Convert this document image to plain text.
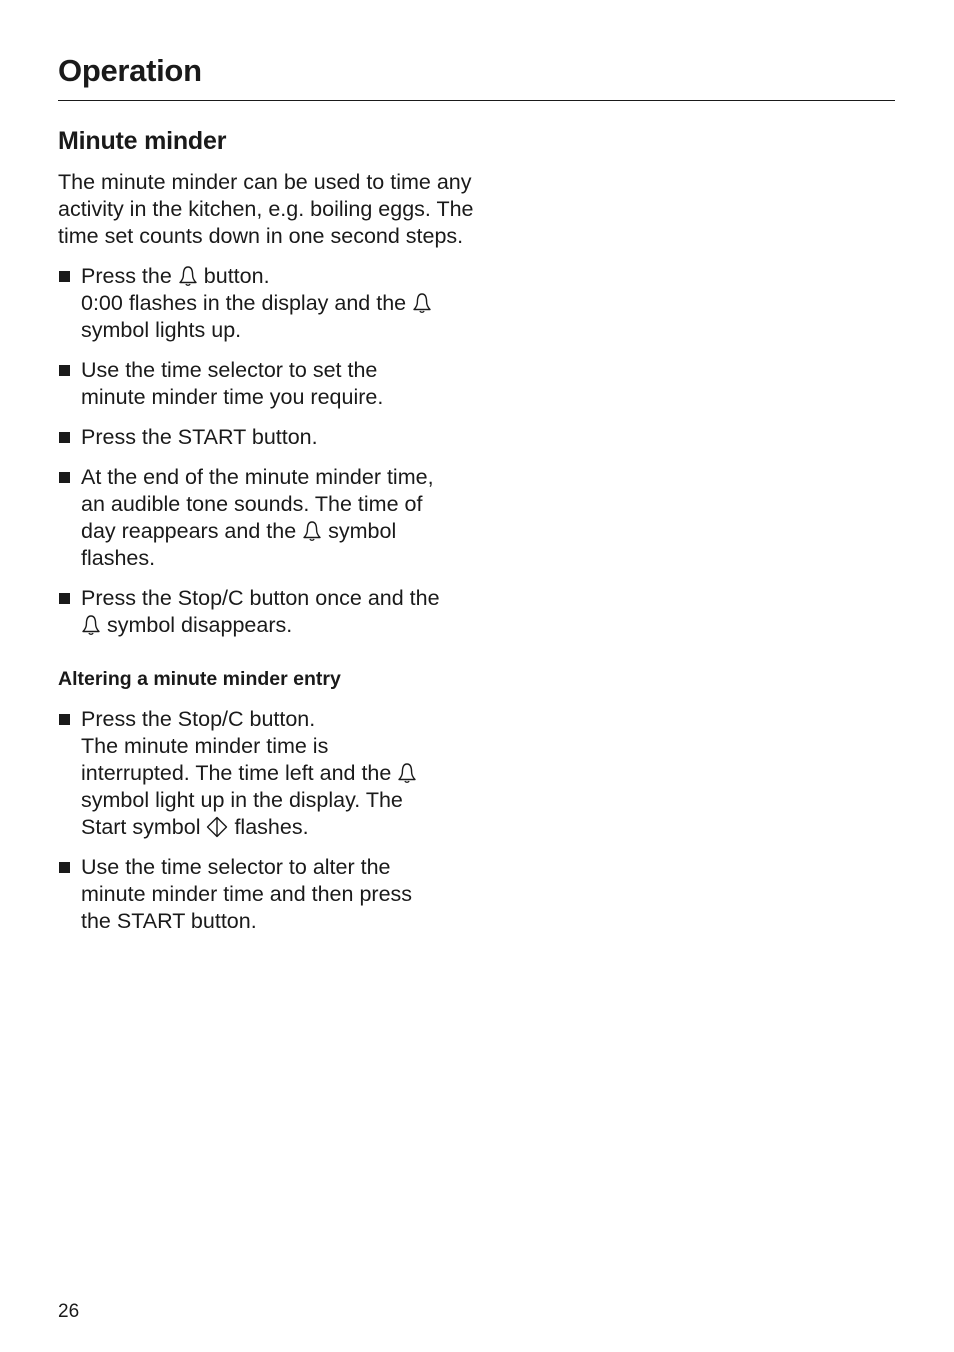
Operation
Minute minder

The minute minder can be used to time any activity in the kitchen, e.g. boiling eggs. The time set counts down in one second steps.

Press the button.
0:00 flashes in the display and the
symbol lights up.
Use the time selector to set the
minute minder time you require.
Press the START button.
At the end of the minute minder time,
an audible tone sounds. The time of
day reappears and the symbol
flashes.
Press the Stop/C button once and the
symbol disappears.
Altering a minute minder entry
Press the Stop/C button.
The minute minder time is
interrupted. The time left and the
symbol light up in the display. The
Start symbol flashes.
Use the time selector to alter the
minute minder time and then press
the START button.
26
